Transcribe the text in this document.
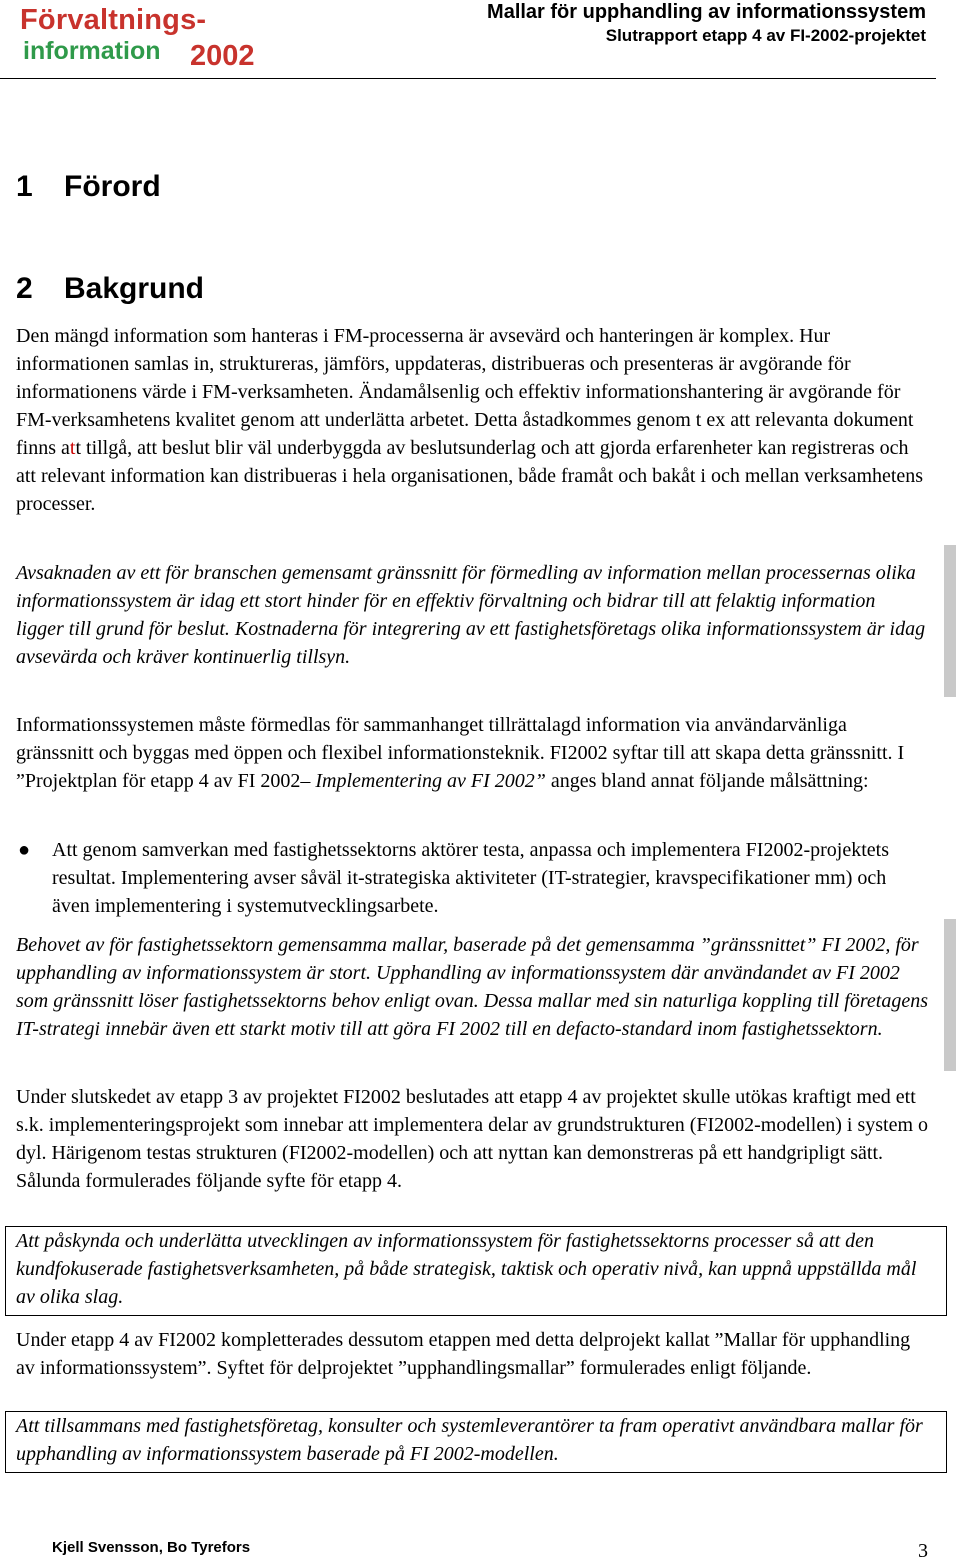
Förvaltnings-
information 2002
Mallar för upphandling av informationssystem
Slutrapport etapp 4 av FI-2002-projektet
1 Förord
2 Bakgrund

Den mängd information som hanteras i FM-processerna är avsevärd och hanteringen är komplex. Hur informationen samlas in, struktureras, jämförs, uppdateras, distribueras och presenteras är avgörande för informationens värde i FM-verksamheten. Ändamålsenlig och effektiv informationshantering är avgörande för FM-verksamhetens kvalitet genom att underlätta arbetet. Detta åstadkommes genom t ex att relevanta dokument finns att tillgå, att beslut blir väl underbyggda av beslutsunderlag och att gjorda erfarenheter kan registreras och att relevant information kan distribueras i hela organisationen, både framåt och bakåt i och mellan verksamhetens processer.

Avsaknaden av ett för branschen gemensamt gränssnitt för förmedling av information mellan processernas olika informationssystem är idag ett stort hinder för en effektiv förvaltning och bidrar till att felaktig information ligger till grund för beslut. Kostnaderna för integrering av ett fastighetsföretags olika informationssystem är idag avsevärda och kräver kontinuerlig tillsyn.

Informationssystemen måste förmedlas för sammanhanget tillrättalagd information via användarvänliga gränssnitt och byggas med öppen och flexibel informationsteknik. FI2002 syftar till att skapa detta gränssnitt. I ”Projektplan för etapp 4 av FI 2002– Implementering av FI 2002” anges bland annat följande målsättning:

● Att genom samverkan med fastighetssektorns aktörer testa, anpassa och implementera FI2002-projektets resultat. Implementering avser såväl it-strategiska aktiviteter (IT-strategier, kravspecifikationer mm) och även implementering i systemutvecklingsarbete.

Behovet av för fastighetssektorn gemensamma mallar, baserade på det gemensamma ”gränssnittet” FI 2002, för upphandling av informationssystem är stort. Upphandling av informationssystem där användandet av FI 2002 som gränssnitt löser fastighetssektorns behov enligt ovan. Dessa mallar med sin naturliga koppling till företagens IT-strategi innebär även ett starkt motiv till att göra FI 2002 till en defacto-standard inom fastighetssektorn.

Under slutskedet av etapp 3 av projektet FI2002 beslutades att etapp 4 av projektet skulle utökas kraftigt med ett s.k. implementeringsprojekt som innebar att implementera delar av grundstrukturen (FI2002-modellen) i system o dyl. Härigenom testas strukturen (FI2002-modellen) och att nyttan kan demonstreras på ett handgripligt sätt. Sålunda formulerades följande syfte för etapp 4.

Att påskynda och underlätta utvecklingen av informationssystem för fastighetssektorns processer så att den kundfokuserade fastighetsverksamheten, på både strategisk, taktisk och operativ nivå, kan uppnå uppställda mål av olika slag.

Under etapp 4 av FI2002 kompletterades dessutom etappen med detta delprojekt kallat ”Mallar för upphandling av informationssystem”. Syftet för delprojektet ”upphandlingsmallar” formulerades enligt följande.

Att tillsammans med fastighetsföretag, konsulter och systemleverantörer ta fram operativt användbara mallar för upphandling av informationssystem baserade på FI 2002-modellen.
Kjell Svensson, Bo Tyrefors	3
